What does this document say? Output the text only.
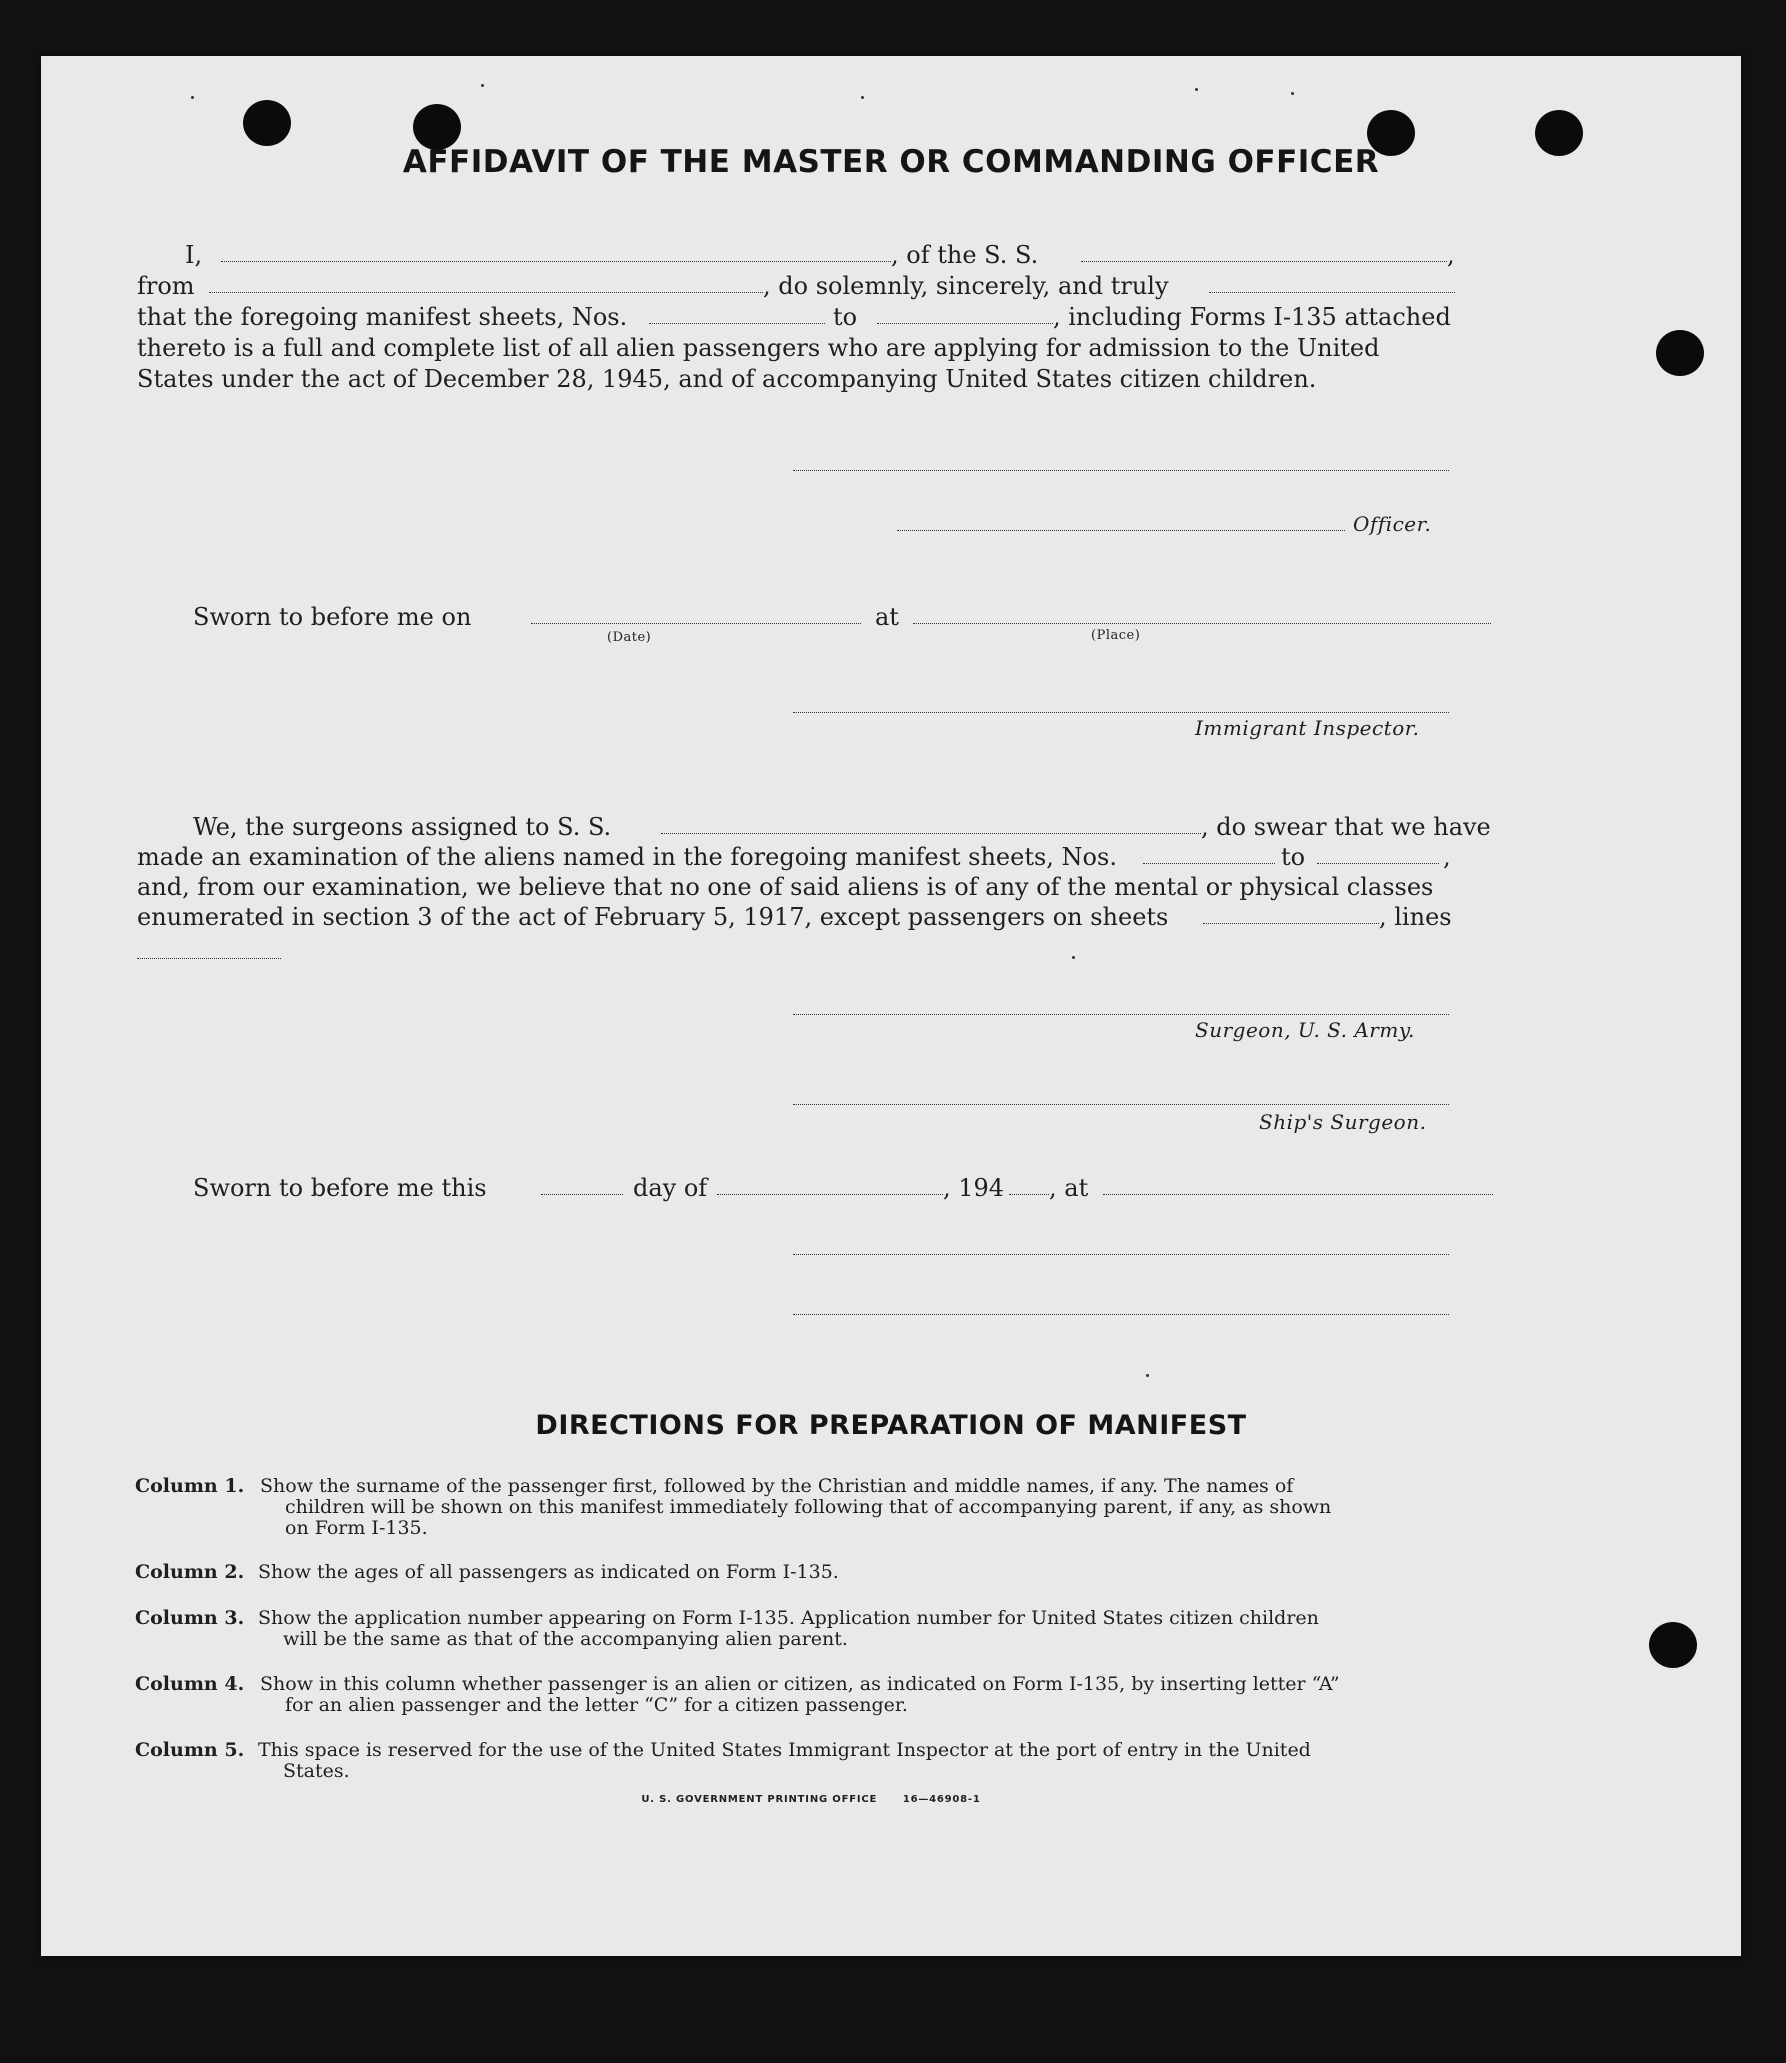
AFFIDAVIT OF THE MASTER OR COMMANDING OFFICER
I,	, of the S. S.	,
from	, do solemnly, sincerely, and truly
that the foregoing manifest sheets, Nos.	to	, including Forms I-135 attached
thereto is a full and complete list of all alien passengers who are applying for admission to the United
States under the act of December 28, 1945, and of accompanying United States citizen children.
Officer.
Sworn to before me on	at
(Date)	(Place)
Immigrant Inspector.
We, the surgeons assigned to S. S.	, do swear that we have
made an examination of the aliens named in the foregoing manifest sheets, Nos.	to	,
and, from our examination, we believe that no one of said aliens is of any of the mental or physical classes
enumerated in section 3 of the act of February 5, 1917, except passengers on sheets	, lines
Surgeon, U. S. Army.
Ship's Surgeon.
Sworn to before me this	day of	, 194 , at
DIRECTIONS FOR PREPARATION OF MANIFEST
Column 1. Show the surname of the passenger first, followed by the Christian and middle names, if any. The names of
children will be shown on this manifest immediately following that of accompanying parent, if any, as shown
on Form I-135.
Column 2. Show the ages of all passengers as indicated on Form I-135.
Column 3. Show the application number appearing on Form I-135. Application number for United States citizen children
will be the same as that of the accompanying alien parent.
Column 4. Show in this column whether passenger is an alien or citizen, as indicated on Form I-135, by inserting letter “A”
for an alien passenger and the letter “C” for a citizen passenger.
Column 5. This space is reserved for the use of the United States Immigrant Inspector at the port of entry in the United
States.
U. S. GOVERNMENT PRINTING OFFICE      16—46908-1
